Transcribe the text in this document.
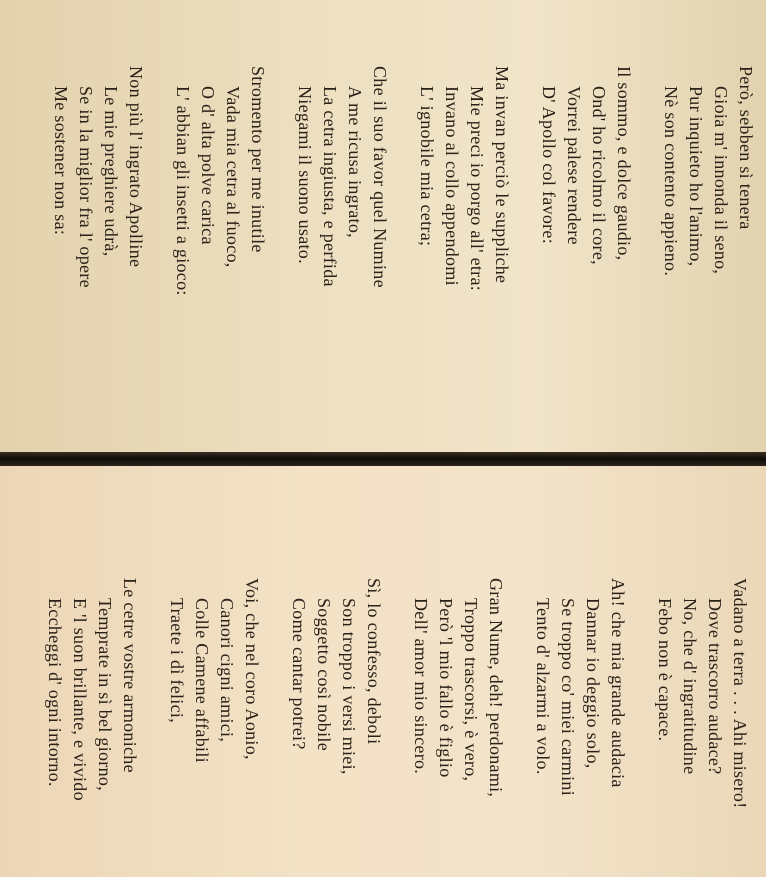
Però, sebben sì tenera
Gioia m' innonda il seno,
Pur inquieto ho l'animo,
Nè son contento appieno.
Il sommo, e dolce gaudio,
Ond' ho ricolmo il core,
Vorrei palese rendere
D' Apollo col favore:
Ma invan perciò le suppliche
Mie preci io porgo all' etra:
Invano al collo appendomi
L' ignobile mia cetra;
Che il suo favor quel Numine
A me ricusa ingrato,
La cetra ingiusta, e perfida
Niegami il suono usato.
Stromento per me inutile
Vada mia cetra al fuoco,
O d' alta polve carica
L' abbian gli insetti a gioco:
Non più l' ingrato Apolline
Le mie preghiere udrà,
Se in la miglior fra l' opere
Me sostener non sa:
Vadano a terra . . . Ahi misero!
Dove trascorro audace?
No, che d' ingratitudine
Febo non è capace.
Ah! che mia grande audacia
Dannar io deggio solo,
Se troppo co' miei carmini
Tento d' alzarmi a volo.
Gran Nume, deh! perdonami,
Troppo trascorsi, è vero,
Però 'l mio fallo è figlio
Dell' amor mio sincero.
Sì, lo confesso, deboli
Son troppo i versi miei,
Soggetto così nobile
Come cantar potrei?
Voi, che nel coro Aonio,
Canori cigni amici,
Colle Camene affabili
Traete i dì felici,
Le cetre vostre armoniche
Temprate in sì bel giorno,
E 'l suon brillante, e vivido
Eccheggi d' ogni intorno.
